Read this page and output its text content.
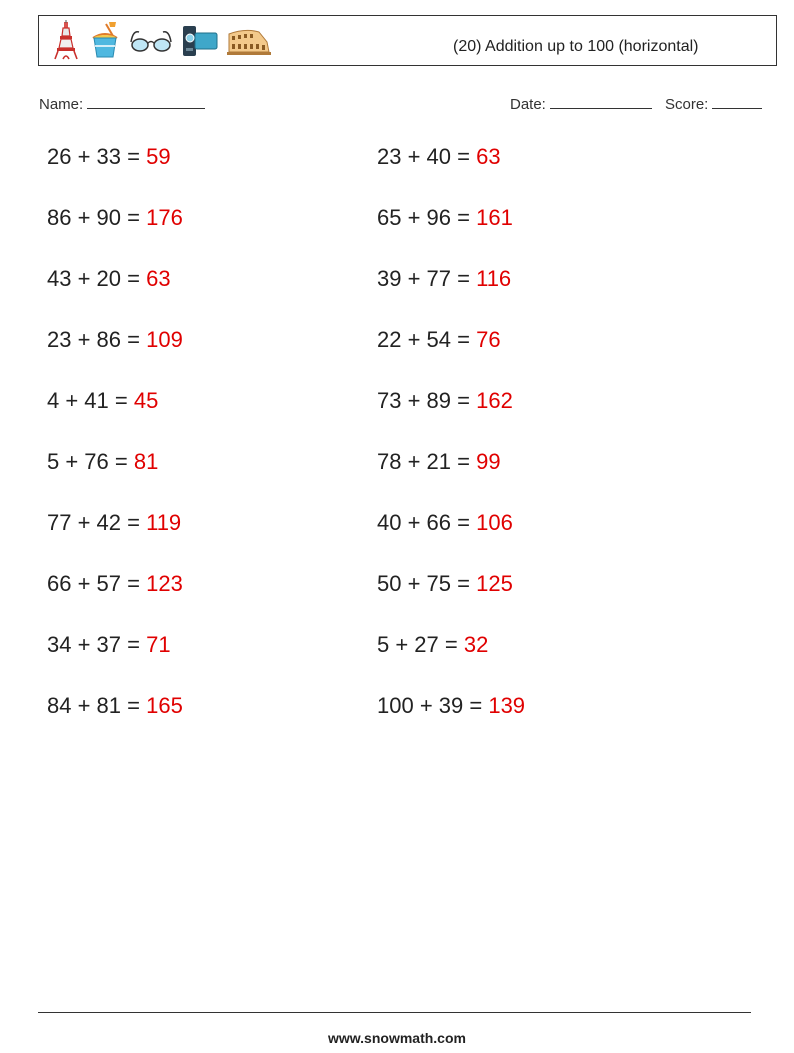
(20) Addition up to 100 (horizontal)
Name:	Date:	Score:
26 + 33 = 59	23 + 40 = 63
86 + 90 = 176	65 + 96 = 161
43 + 20 = 63	39 + 77 = 116
23 + 86 = 109	22 + 54 = 76
4 + 41 = 45	73 + 89 = 162
5 + 76 = 81	78 + 21 = 99
77 + 42 = 119	40 + 66 = 106
66 + 57 = 123	50 + 75 = 125
34 + 37 = 71	5 + 27 = 32
84 + 81 = 165	100 + 39 = 139
www.snowmath.com
